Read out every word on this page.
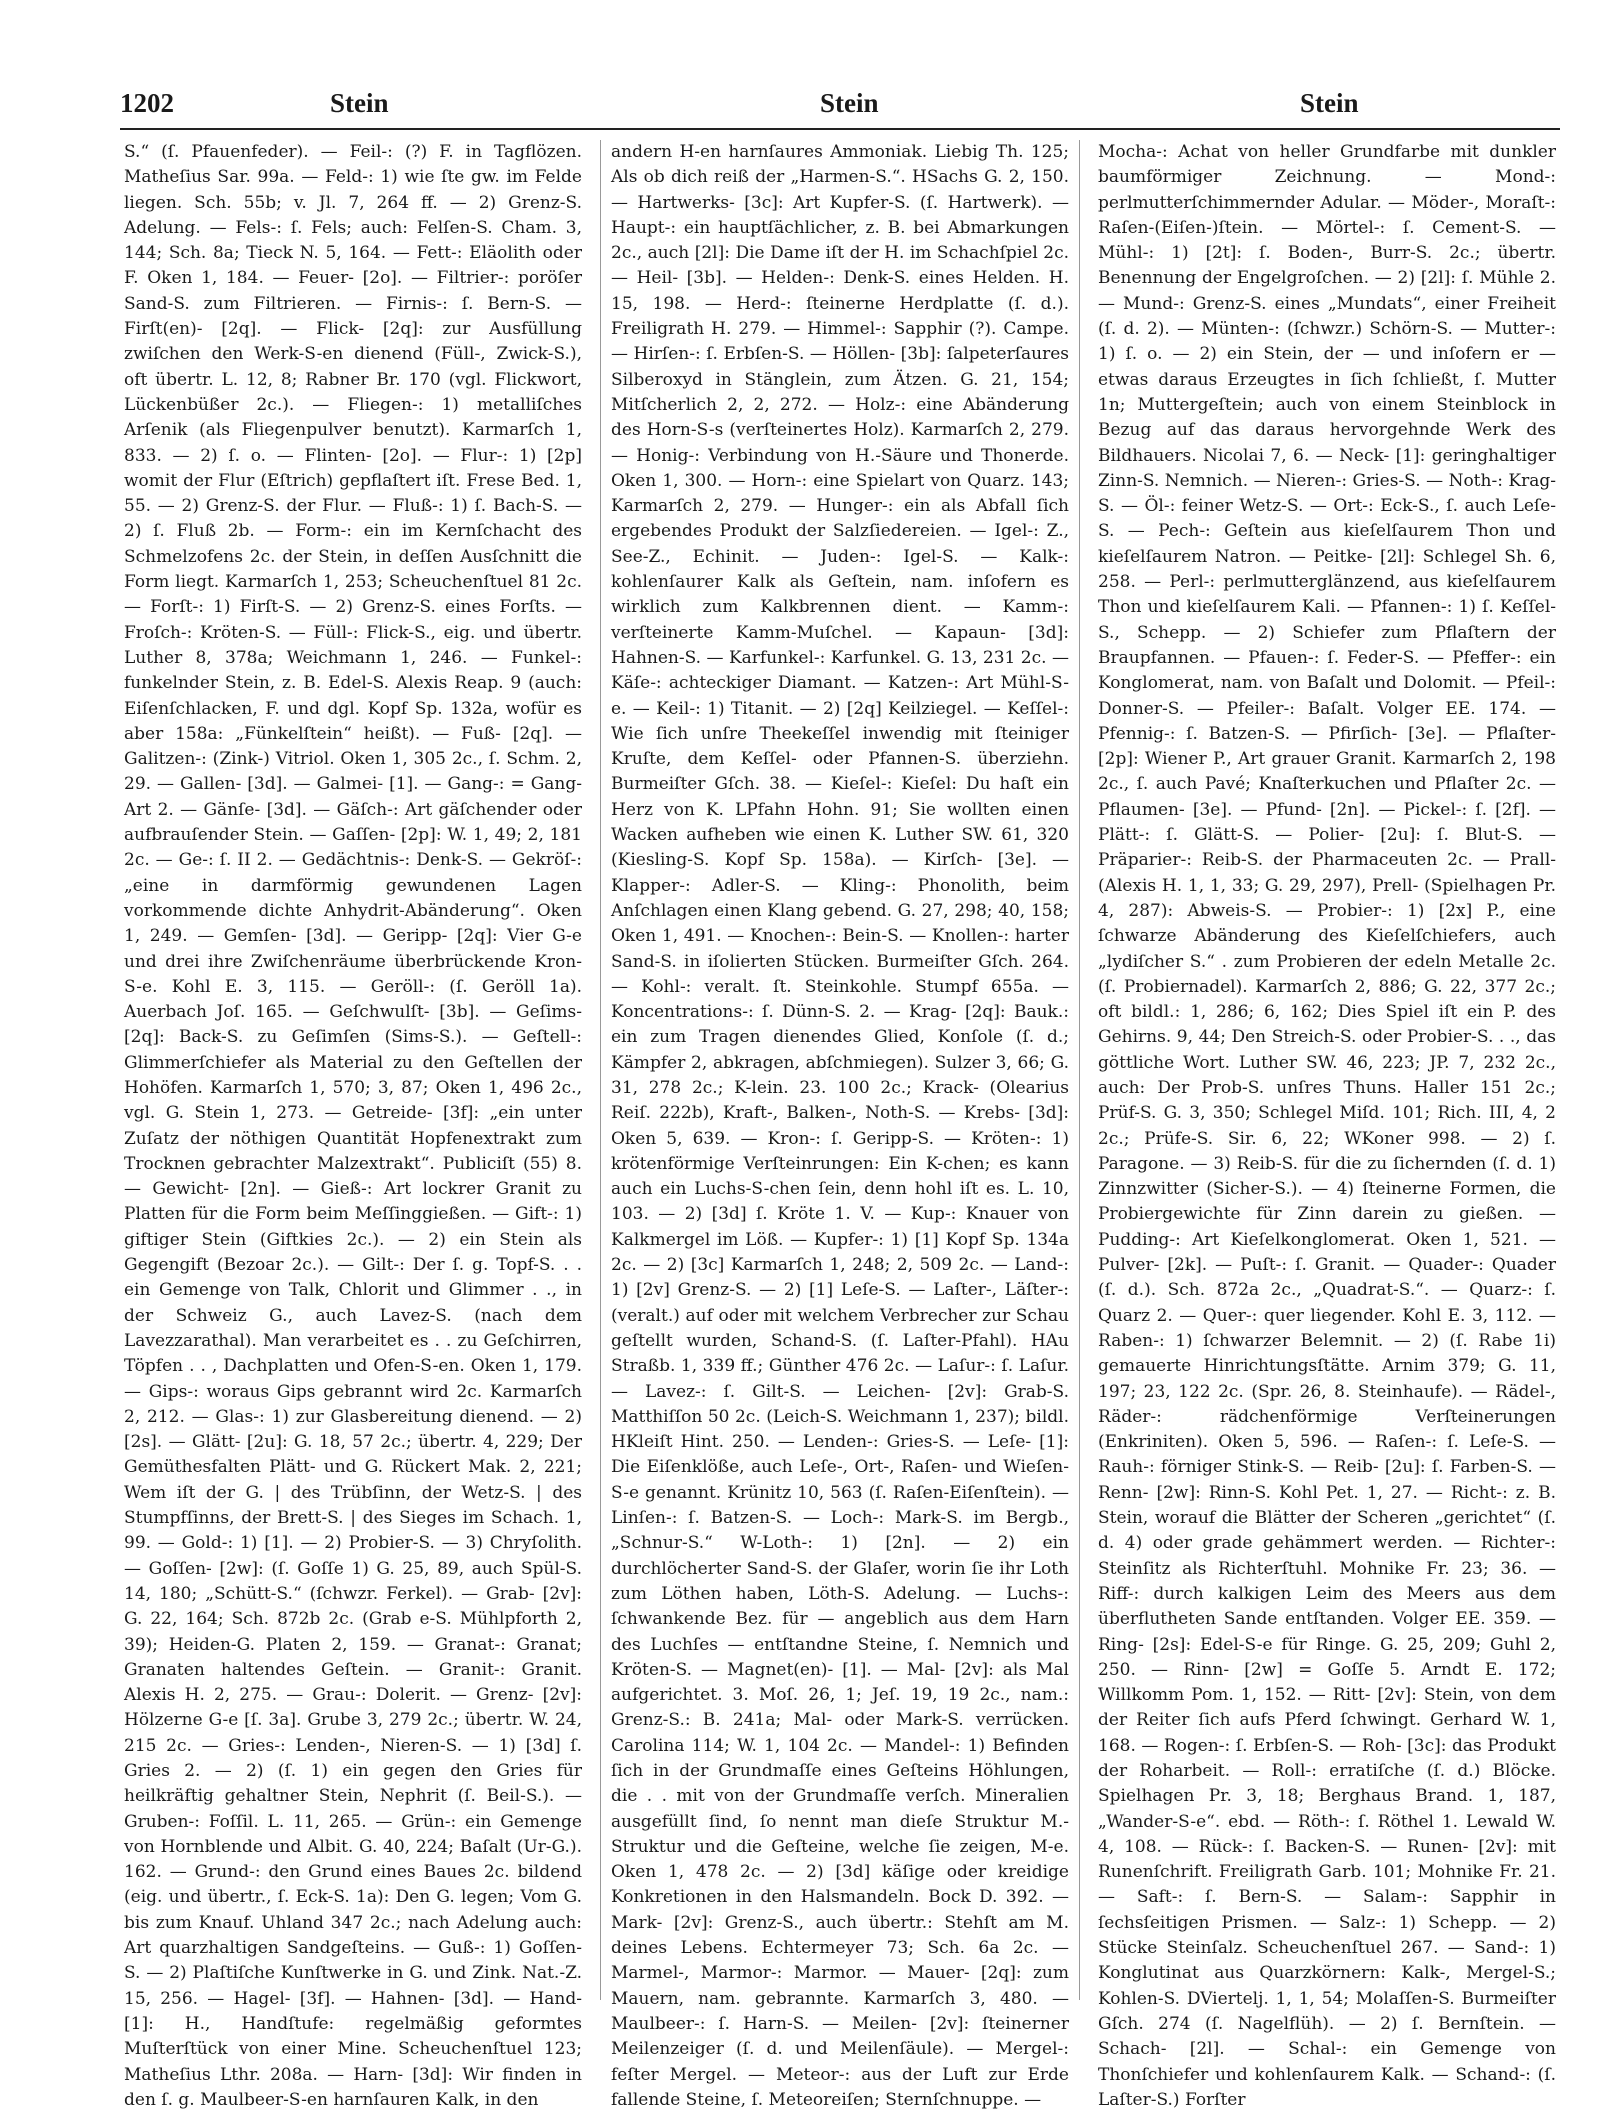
1202	Stein	Stein	Stein

S.“ (ſ. Pfauenfeder). — Feil-: (?) F. in Tagflözen. Matheſius Sar. 99a. — Feld-: 1) wie ſte gw. im Felde liegen. Sch. 55b; v. Jl. 7, 264 ff. — 2) Grenz-S. Adelung. — Fels-: ſ. Fels; auch: Felſen-S. Cham. 3, 144; Sch. 8a; Tieck N. 5, 164. — Fett-: Eläolith oder F. Oken 1, 184. — Feuer- [2o]. — Filtrier-: poröſer Sand-S. zum Filtrieren. — Firnis-: ſ. Bern-S. — Firſt(en)- [2q]. — Flick- [2q]: zur Ausfüllung zwiſchen den Werk-S-en dienend (Füll-, Zwick-S.), oft übertr. L. 12, 8; Rabner Br. 170 (vgl. Flickwort, Lückenbüßer 2c.). — Fliegen-: 1) metalliſches Arſenik (als Fliegenpulver benutzt). Karmarſch 1, 833. — 2) ſ. o. — Flinten- [2o]. — Flur-: 1) [2p] womit der Flur (Eſtrich) gepflaſtert iſt. Frese Bed. 1, 55. — 2) Grenz-S. der Flur. — Fluß-: 1) ſ. Bach-S. — 2) ſ. Fluß 2b. — Form-: ein im Kernſchacht des Schmelzofens 2c. der Stein, in deſſen Ausſchnitt die Form liegt. Karmarſch 1, 253; Scheuchenſtuel 81 2c. — Forſt-: 1) Firſt-S. — 2) Grenz-S. eines Forſts. — Froſch-: Kröten-S. — Füll-: Flick-S., eig. und übertr. Luther 8, 378a; Weichmann 1, 246. — Funkel-: funkelnder Stein, z. B. Edel-S. Alexis Reap. 9 (auch: Eiſenſchlacken, F. und dgl. Kopf Sp. 132a, wofür es aber 158a: „Fünkelſtein“ heißt). — Fuß- [2q]. — Galitzen-: (Zink-) Vitriol. Oken 1, 305 2c., ſ. Schm. 2, 29. — Gallen- [3d]. — Galmei- [1]. — Gang-: = Gang-Art 2. — Gänſe- [3d]. — Gäſch-: Art gäſchender oder aufbrauſender Stein. — Gaſſen- [2p]: W. 1, 49; 2, 181 2c. — Ge-: ſ. II 2. — Gedächtnis-: Denk-S. — Gekröſ-: „eine in darmförmig gewundenen Lagen vorkommende dichte Anhydrit-Abänderung“. Oken 1, 249. — Gemſen- [3d]. — Geripp- [2q]: Vier G-e und drei ihre Zwiſchenräume überbrückende Kron-S-e. Kohl E. 3, 115. — Geröll-: (ſ. Geröll 1a). Auerbach Joſ. 165. — Geſchwulſt- [3b]. — Geſims- [2q]: Back-S. zu Geſimſen (Sims-S.). — Geſtell-: Glimmerſchiefer als Material zu den Geſtellen der Hohöfen. Karmarſch 1, 570; 3, 87; Oken 1, 496 2c., vgl. G. Stein 1, 273. — Getreide- [3f]: „ein unter Zuſatz der nöthigen Quantität Hopfenextrakt zum Trocknen gebrachter Malzextrakt“. Publiciſt (55) 8. — Gewicht- [2n]. — Gieß-: Art lockrer Granit zu Platten für die Form beim Meſſinggießen. — Gift-: 1) giftiger Stein (Giftkies 2c.). — 2) ein Stein als Gegengift (Bezoar 2c.). — Gilt-: Der ſ. g. Topf-S. . . ein Gemenge von Talk, Chlorit und Glimmer . ., in der Schweiz G., auch Lavez-S. (nach dem Lavezzarathal). Man verarbeitet es . . zu Geſchirren, Töpfen . . , Dachplatten und Ofen-S-en. Oken 1, 179. — Gips-: woraus Gips gebrannt wird 2c. Karmarſch 2, 212. — Glas-: 1) zur Glasbereitung dienend. — 2) [2s]. — Glätt- [2u]: G. 18, 57 2c.; übertr. 4, 229; Der Gemüthesfalten Plätt- und G. Rückert Mak. 2, 221; Wem iſt der G. | des Trübſinn, der Wetz-S. | des Stumpfſinns, der Brett-S. | des Sieges im Schach. 1, 99. — Gold-: 1) [1]. — 2) Probier-S. — 3) Chryſolith. — Goſſen- [2w]: (ſ. Goſſe 1) G. 25, 89, auch Spül-S. 14, 180; „Schütt-S.“ (ſchwzr. Ferkel). — Grab- [2v]: G. 22, 164; Sch. 872b 2c. (Grab e-S. Mühlpforth 2, 39); Heiden-G. Platen 2, 159. — Granat-: Granat; Granaten haltendes Geſtein. — Granit-: Granit. Alexis H. 2, 275. — Grau-: Dolerit. — Grenz- [2v]: Hölzerne G-e [ſ. 3a]. Grube 3, 279 2c.; übertr. W. 24, 215 2c. — Gries-: Lenden-, Nieren-S. — 1) [3d] ſ. Gries 2. — 2) (ſ. 1) ein gegen den Gries für heilkräftig gehaltner Stein, Nephrit (ſ. Beil-S.). — Gruben-: Foſſil. L. 11, 265. — Grün-: ein Gemenge von Hornblende und Albit. G. 40, 224; Baſalt (Ur-G.). 162. — Grund-: den Grund eines Baues 2c. bildend (eig. und übertr., ſ. Eck-S. 1a): Den G. legen; Vom G. bis zum Knauf. Uhland 347 2c.; nach Adelung auch: Art quarzhaltigen Sandgeſteins. — Guß-: 1) Goſſen-S. — 2) Plaſtiſche Kunſtwerke in G. und Zink. Nat.-Z. 15, 256. — Hagel- [3f]. — Hahnen- [3d]. — Hand- [1]: H., Handſtufe: regelmäßig geformtes Muſterſtück von einer Mine. Scheuchenſtuel 123; Matheſius Lthr. 208a. — Harn- [3d]: Wir finden in den ſ. g. Maulbeer-S-en harnſauren Kalk, in den

andern H-en harnſaures Ammoniak. Liebig Th. 125; Als ob dich reiß der „Harmen-S.“. HSachs G. 2, 150. — Hartwerks- [3c]: Art Kupfer-S. (ſ. Hartwerk). — Haupt-: ein hauptſächlicher, z. B. bei Abmarkungen 2c., auch [2l]: Die Dame iſt der H. im Schachſpiel 2c. — Heil- [3b]. — Helden-: Denk-S. eines Helden. H. 15, 198. — Herd-: ſteinerne Herdplatte (ſ. d.). Freiligrath H. 279. — Himmel-: Sapphir (?). Campe. — Hirſen-: ſ. Erbſen-S. — Höllen- [3b]: ſalpeterſaures Silberoxyd in Stänglein, zum Ätzen. G. 21, 154; Mitſcherlich 2, 2, 272. — Holz-: eine Abänderung des Horn-S-s (verſteinertes Holz). Karmarſch 2, 279. — Honig-: Verbindung von H.-Säure und Thonerde. Oken 1, 300. — Horn-: eine Spielart von Quarz. 143; Karmarſch 2, 279. — Hunger-: ein als Abfall ſich ergebendes Produkt der Salzſiedereien. — Igel-: Z., See-Z., Echinit. — Juden-: Igel-S. — Kalk-: kohlenſaurer Kalk als Geſtein, nam. inſofern es wirklich zum Kalkbrennen dient. — Kamm-: verſteinerte Kamm-Muſchel. — Kapaun- [3d]: Hahnen-S. — Karfunkel-: Karfunkel. G. 13, 231 2c. — Käſe-: achteckiger Diamant. — Katzen-: Art Mühl-S-e. — Keil-: 1) Titanit. — 2) [2q] Keilziegel. — Keſſel-: Wie ſich unſre Theekeſſel inwendig mit ſteiniger Kruſte, dem Keſſel- oder Pfannen-S. überziehn. Burmeiſter Gſch. 38. — Kieſel-: Kieſel: Du haſt ein Herz von K. LPfahn Hohn. 91; Sie wollten einen Wacken aufheben wie einen K. Luther SW. 61, 320 (Kiesling-S. Kopf Sp. 158a). — Kirſch- [3e]. — Klapper-: Adler-S. — Kling-: Phonolith, beim Anſchlagen einen Klang gebend. G. 27, 298; 40, 158; Oken 1, 491. — Knochen-: Bein-S. — Knollen-: harter Sand-S. in iſolierten Stücken. Burmeiſter Gſch. 264. — Kohl-: veralt. ſt. Steinkohle. Stumpf 655a. — Koncentrations-: ſ. Dünn-S. 2. — Krag- [2q]: Bauk.: ein zum Tragen dienendes Glied, Konſole (ſ. d.; Kämpfer 2, abkragen, abſchmiegen). Sulzer 3, 66; G. 31, 278 2c.; K-lein. 23. 100 2c.; Krack- (Olearius Reiſ. 222b), Kraft-, Balken-, Noth-S. — Krebs- [3d]: Oken 5, 639. — Kron-: ſ. Geripp-S. — Kröten-: 1) krötenförmige Verſteinrungen: Ein K-chen; es kann auch ein Luchs-S-chen ſein, denn hohl iſt es. L. 10, 103. — 2) [3d] ſ. Kröte 1. V. — Kup-: Knauer von Kalkmergel im Löß. — Kupfer-: 1) [1] Kopf Sp. 134a 2c. — 2) [3c] Karmarſch 1, 248; 2, 509 2c. — Land-: 1) [2v] Grenz-S. — 2) [1] Leſe-S. — Laſter-, Läſter-: (veralt.) auf oder mit welchem Verbrecher zur Schau geſtellt wurden, Schand-S. (ſ. Laſter-Pfahl). HAu Straßb. 1, 339 ff.; Günther 476 2c. — Laſur-: ſ. Laſur. — Lavez-: ſ. Gilt-S. — Leichen- [2v]: Grab-S. Matthiſſon 50 2c. (Leich-S. Weichmann 1, 237); bildl. HKleiſt Hint. 250. — Lenden-: Gries-S. — Leſe- [1]: Die Eiſenklöße, auch Leſe-, Ort-, Raſen- und Wieſen-S-e genannt. Krünitz 10, 563 (ſ. Raſen-Eiſenſtein). — Linſen-: ſ. Batzen-S. — Loch-: Mark-S. im Bergb., „Schnur-S.“ W-Loth-: 1) [2n]. — 2) ein durchlöcherter Sand-S. der Glaſer, worin ſie ihr Loth zum Löthen haben, Löth-S. Adelung. — Luchs-: ſchwankende Bez. für — angeblich aus dem Harn des Luchſes — entſtandne Steine, ſ. Nemnich und Kröten-S. — Magnet(en)- [1]. — Mal- [2v]: als Mal aufgerichtet. 3. Moſ. 26, 1; Jeſ. 19, 19 2c., nam.: Grenz-S.: B. 241a; Mal- oder Mark-S. verrücken. Carolina 114; W. 1, 104 2c. — Mandel-: 1) Befinden ſich in der Grundmaſſe eines Geſteins Höhlungen, die . . mit von der Grundmaſſe verſch. Mineralien ausgefüllt ſind, ſo nennt man dieſe Struktur M.-Struktur und die Geſteine, welche ſie zeigen, M-e. Oken 1, 478 2c. — 2) [3d] käſige oder kreidige Konkretionen in den Halsmandeln. Bock D. 392. — Mark- [2v]: Grenz-S., auch übertr.: Stehſt am M. deines Lebens. Echtermeyer 73; Sch. 6a 2c. — Marmel-, Marmor-: Marmor. — Mauer- [2q]: zum Mauern, nam. gebrannte. Karmarſch 3, 480. — Maulbeer-: ſ. Harn-S. — Meilen- [2v]: ſteinerner Meilenzeiger (ſ. d. und Meilenſäule). — Mergel-: feſter Mergel. — Meteor-: aus der Luft zur Erde fallende Steine, ſ. Meteoreiſen; Sternſchnuppe. —

Mocha-: Achat von heller Grundfarbe mit dunkler baumförmiger Zeichnung. — Mond-: perlmutterſchimmernder Adular. — Möder-, Moraſt-: Raſen-(Eiſen-)ſtein. — Mörtel-: ſ. Cement-S. — Mühl-: 1) [2t]: ſ. Boden-, Burr-S. 2c.; übertr. Benennung der Engelgroſchen. — 2) [2l]: ſ. Mühle 2. — Mund-: Grenz-S. eines „Mundats“, einer Freiheit (ſ. d. 2). — Münten-: (ſchwzr.) Schörn-S. — Mutter-: 1) ſ. o. — 2) ein Stein, der — und inſofern er — etwas daraus Erzeugtes in ſich ſchließt, ſ. Mutter 1n; Muttergeſtein; auch von einem Steinblock in Bezug auf das daraus hervorgehnde Werk des Bildhauers. Nicolai 7, 6. — Neck- [1]: geringhaltiger Zinn-S. Nemnich. — Nieren-: Gries-S. — Noth-: Krag-S. — Öl-: feiner Wetz-S. — Ort-: Eck-S., ſ. auch Leſe-S. — Pech-: Geſtein aus kieſelſaurem Thon und kieſelſaurem Natron. — Peitke- [2l]: Schlegel Sh. 6, 258. — Perl-: perlmutterglänzend, aus kieſelſaurem Thon und kieſelſaurem Kali. — Pfannen-: 1) ſ. Keſſel-S., Schepp. — 2) Schiefer zum Pflaſtern der Braupfannen. — Pfauen-: ſ. Feder-S. — Pfeffer-: ein Konglomerat, nam. von Baſalt und Dolomit. — Pfeil-: Donner-S. — Pfeiler-: Baſalt. Volger EE. 174. — Pfennig-: ſ. Batzen-S. — Pfirſich- [3e]. — Pflaſter- [2p]: Wiener P., Art grauer Granit. Karmarſch 2, 198 2c., ſ. auch Pavé; Knaſterkuchen und Pflaſter 2c. — Pflaumen- [3e]. — Pfund- [2n]. — Pickel-: ſ. [2f]. — Plätt-: ſ. Glätt-S. — Polier- [2u]: ſ. Blut-S. — Präparier-: Reib-S. der Pharmaceuten 2c. — Prall- (Alexis H. 1, 1, 33; G. 29, 297), Prell- (Spielhagen Pr. 4, 287): Abweis-S. — Probier-: 1) [2x] P., eine ſchwarze Abänderung des Kieſelſchiefers, auch „lydiſcher S.“ . zum Probieren der edeln Metalle 2c. (ſ. Probiernadel). Karmarſch 2, 886; G. 22, 377 2c.; oft bildl.: 1, 286; 6, 162; Dies Spiel iſt ein P. des Gehirns. 9, 44; Den Streich-S. oder Probier-S. . ., das göttliche Wort. Luther SW. 46, 223; JP. 7, 232 2c., auch: Der Prob-S. unſres Thuns. Haller 151 2c.; Prüf-S. G. 3, 350; Schlegel Miſd. 101; Rich. III, 4, 2 2c.; Prüfe-S. Sir. 6, 22; WKoner 998. — 2) ſ. Paragone. — 3) Reib-S. für die zu ſichernden (ſ. d. 1) Zinnzwitter (Sicher-S.). — 4) ſteinerne Formen, die Probiergewichte für Zinn darein zu gießen. — Pudding-: Art Kieſelkonglomerat. Oken 1, 521. — Pulver- [2k]. — Puſt-: ſ. Granit. — Quader-: Quader (ſ. d.). Sch. 872a 2c., „Quadrat-S.“. — Quarz-: ſ. Quarz 2. — Quer-: quer liegender. Kohl E. 3, 112. — Raben-: 1) ſchwarzer Belemnit. — 2) (ſ. Rabe 1i) gemauerte Hinrichtungsſtätte. Arnim 379; G. 11, 197; 23, 122 2c. (Spr. 26, 8. Steinhaufe). — Rädel-, Räder-: rädchenförmige Verſteinerungen (Enkriniten). Oken 5, 596. — Raſen-: ſ. Leſe-S. — Rauh-: förniger Stink-S. — Reib- [2u]: ſ. Farben-S. — Renn- [2w]: Rinn-S. Kohl Pet. 1, 27. — Richt-: z. B. Stein, worauf die Blätter der Scheren „gerichtet“ (ſ. d. 4) oder grade gehämmert werden. — Richter-: Steinſitz als Richterſtuhl. Mohnike Fr. 23; 36. — Riff-: durch kalkigen Leim des Meers aus dem überflutheten Sande entſtanden. Volger EE. 359. — Ring- [2s]: Edel-S-e für Ringe. G. 25, 209; Guhl 2, 250. — Rinn- [2w] = Goſſe 5. Arndt E. 172; Willkomm Pom. 1, 152. — Ritt- [2v]: Stein, von dem der Reiter ſich aufs Pferd ſchwingt. Gerhard W. 1, 168. — Rogen-: ſ. Erbſen-S. — Roh- [3c]: das Produkt der Roharbeit. — Roll-: erratiſche (ſ. d.) Blöcke. Spielhagen Pr. 3, 18; Berghaus Brand. 1, 187, „Wander-S-e“. ebd. — Röth-: ſ. Röthel 1. Lewald W. 4, 108. — Rück-: ſ. Backen-S. — Runen- [2v]: mit Runenſchrift. Freiligrath Garb. 101; Mohnike Fr. 21. — Saft-: ſ. Bern-S. — Salam-: Sapphir in ſechsſeitigen Prismen. — Salz-: 1) Schepp. — 2) Stücke Steinſalz. Scheuchenſtuel 267. — Sand-: 1) Konglutinat aus Quarzkörnern: Kalk-, Mergel-S.; Kohlen-S. DViertelj. 1, 1, 54; Molaſſen-S. Burmeiſter Gſch. 274 (ſ. Nagelflüh). — 2) ſ. Bernſtein. — Schach- [2l]. — Schal-: ein Gemenge von Thonſchiefer und kohlenſaurem Kalk. — Schand-: (ſ. Laſter-S.) Forſter
